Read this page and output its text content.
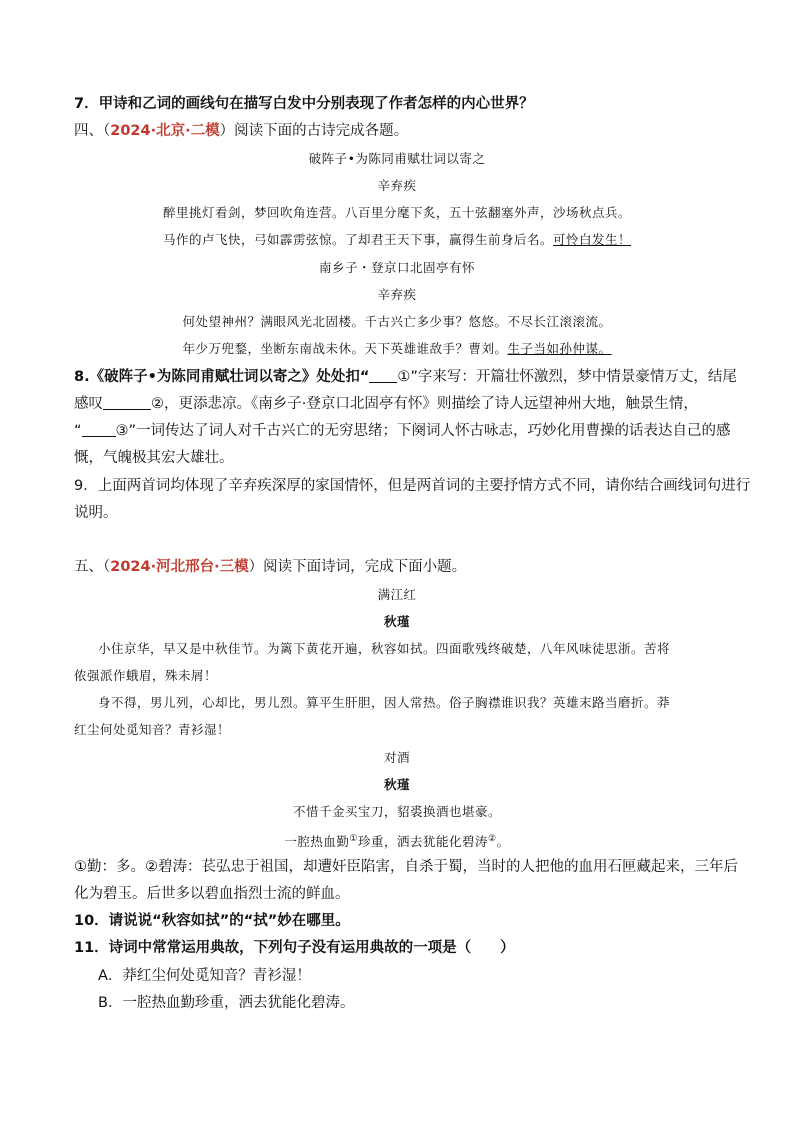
7．甲诗和乙词的画线句在描写白发中分别表现了作者怎样的内心世界？
四、（2024·北京·二模）阅读下面的古诗完成各题。
破阵子•为陈同甫赋壮词以寄之
辛弃疾
醉里挑灯看剑，梦回吹角连营。八百里分麾下炙，五十弦翻塞外声，沙场秋点兵。
马作的卢飞快，弓如霹雳弦惊。了却君王天下事，赢得生前身后名。可怜白发生！
南乡子・登京口北固亭有怀
辛弃疾
何处望神州？满眼风光北固楼。千古兴亡多少事？悠悠。不尽长江滚滚流。
年少万兜鍪，坐断东南战未休。天下英雄谁敌手？曹刘。生子当如孙仲谋。
8.《破阵子•为陈同甫赋壮词以寄之》处处扣“ ①”字来写：开篇壮怀激烈，梦中情景豪情万丈，结尾
感叹	②，更添悲凉。《南乡子·登京口北固亭有怀》则描绘了诗人远望神州大地，触景生情，
“ ③”一词传达了词人对千古兴亡的无穷思绪；下阕词人怀古咏志，巧妙化用曹操的话表达自己的感
慨，气魄极其宏大雄壮。
9．上面两首词均体现了辛弃疾深厚的家国情怀，但是两首词的主要抒情方式不同，请你结合画线词句进行
说明。
五、（2024·河北邢台·三模）阅读下面诗词，完成下面小题。
满江红
秋瑾
小住京华，早又是中秋佳节。为篱下黄花开遍，秋容如拭。四面歌残终破楚，八年风味徒思浙。苦将
侬强派作蛾眉，殊未屑！
身不得，男儿列，心却比，男儿烈。算平生肝胆，因人常热。俗子胸襟谁识我？英雄末路当磨折。莽
红尘何处觅知音？青衫湿！
对酒
秋瑾
不惜千金买宝刀，貂裘换酒也堪豪。
一腔热血勤①珍重，洒去犹能化碧涛②。
①勤：多。②碧涛：苌弘忠于祖国，却遭奸臣陷害，自杀于蜀，当时的人把他的血用石匣藏起来，三年后
化为碧玉。后世多以碧血指烈士流的鲜血。
10．请说说“秋容如拭”的“拭”妙在哪里。
11．诗词中常常运用典故，下列句子没有运用典故的一项是（　　）
A．莽红尘何处觅知音？青衫湿！
B．一腔热血勤珍重，洒去犹能化碧涛。
